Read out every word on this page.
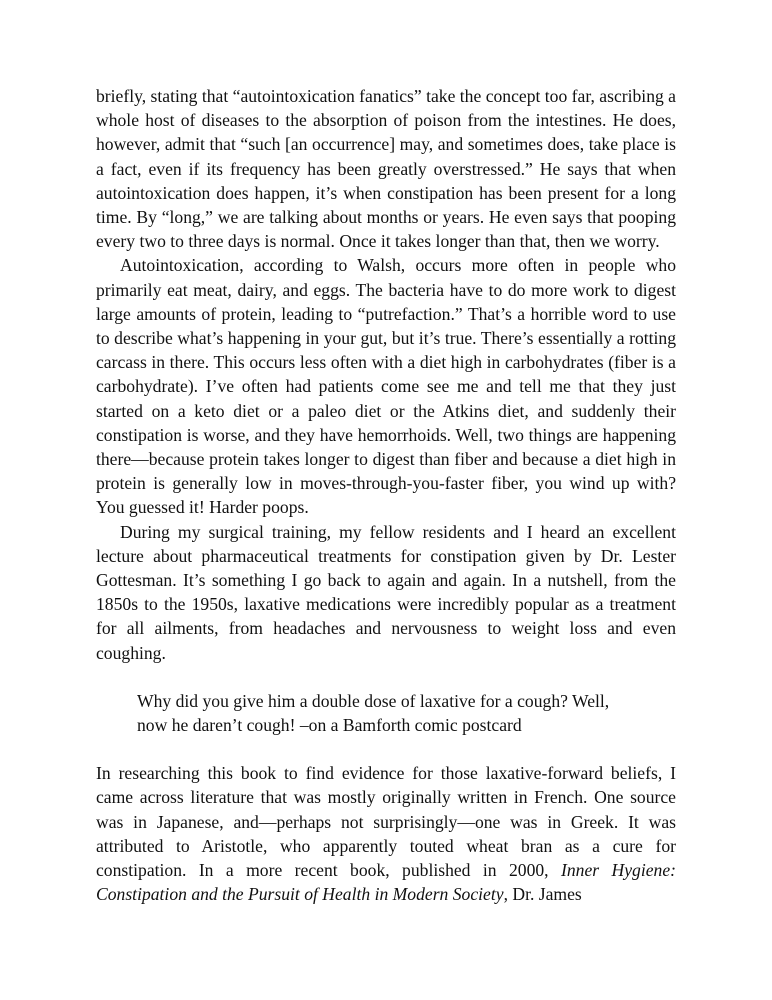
briefly, stating that “autointoxication fanatics” take the concept too far, ascribing a whole host of diseases to the absorption of poison from the intestines. He does, however, admit that “such [an occurrence] may, and sometimes does, take place is a fact, even if its frequency has been greatly overstressed.” He says that when autointoxication does happen, it’s when constipation has been present for a long time. By “long,” we are talking about months or years. He even says that pooping every two to three days is normal. Once it takes longer than that, then we worry.

Autointoxication, according to Walsh, occurs more often in people who primarily eat meat, dairy, and eggs. The bacteria have to do more work to digest large amounts of protein, leading to “putrefaction.” That’s a horrible word to use to describe what’s happening in your gut, but it’s true. There’s essentially a rotting carcass in there. This occurs less often with a diet high in carbohydrates (fiber is a carbohydrate). I’ve often had patients come see me and tell me that they just started on a keto diet or a paleo diet or the Atkins diet, and suddenly their constipation is worse, and they have hemorrhoids. Well, two things are happening there—because protein takes longer to digest than fiber and because a diet high in protein is generally low in moves-through-you-faster fiber, you wind up with? You guessed it! Harder poops.

During my surgical training, my fellow residents and I heard an excellent lecture about pharmaceutical treatments for constipation given by Dr. Lester Gottesman. It’s something I go back to again and again. In a nutshell, from the 1850s to the 1950s, laxative medications were incredibly popular as a treatment for all ailments, from headaches and nervousness to weight loss and even coughing.

Why did you give him a double dose of laxative for a cough? Well,

now he daren’t cough! –on a Bamforth comic postcard

In researching this book to find evidence for those laxative-forward beliefs, I came across literature that was mostly originally written in French. One source was in Japanese, and—perhaps not surprisingly—one was in Greek. It was attributed to Aristotle, who apparently touted wheat bran as a cure for constipation. In a more recent book, published in 2000, Inner Hygiene: Constipation and the Pursuit of Health in Modern Society, Dr. James
